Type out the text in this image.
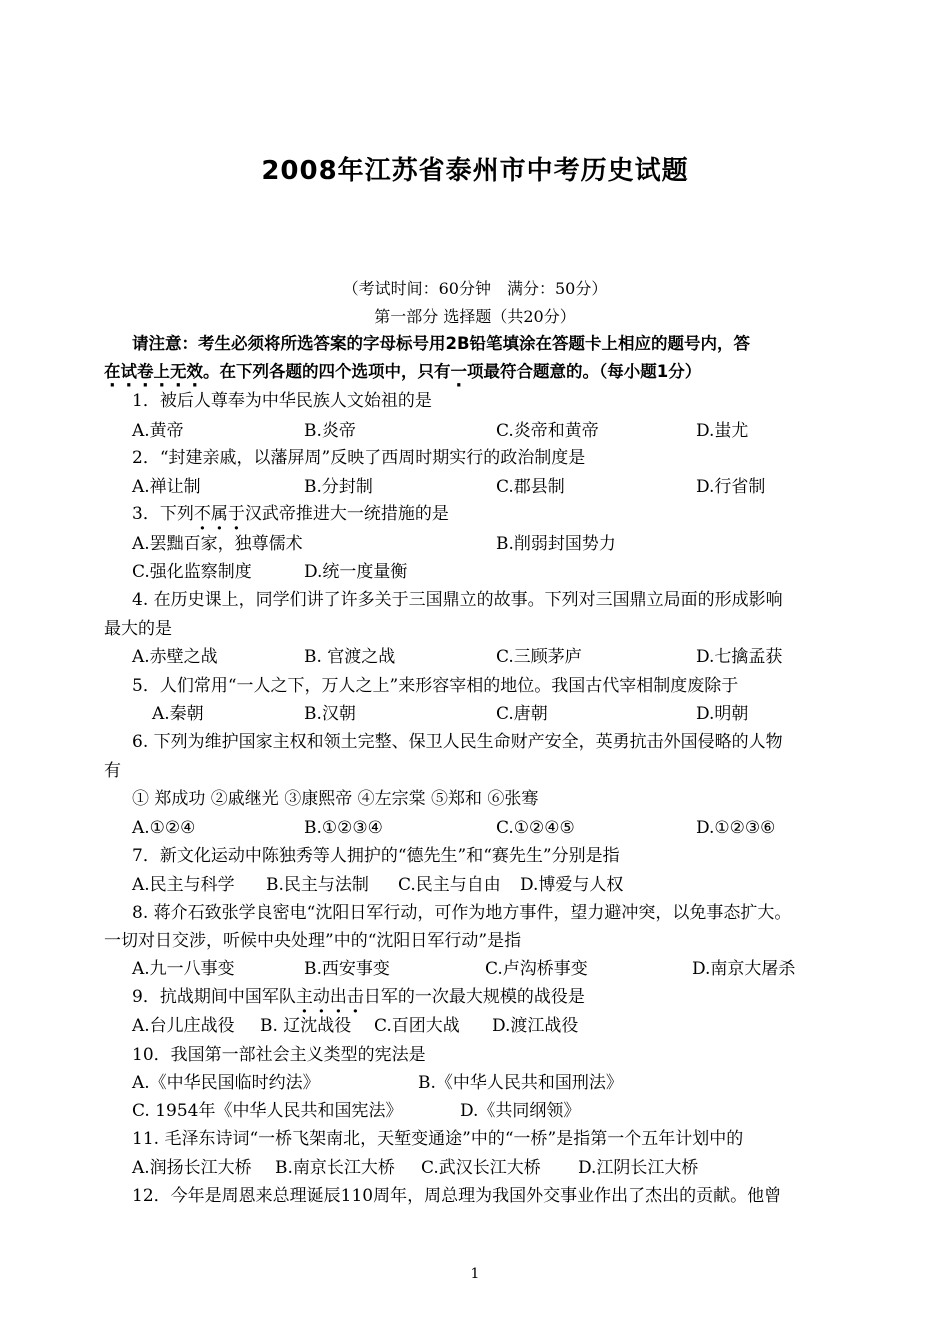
2008年江苏省泰州市中考历史试题
（考试时间：60分钟　满分：50分）
第一部分 选择题（共20分）
请注意：考生必须将所选答案的字母标号用2B铅笔填涂在答题卡上相应的题号内，答
在试卷上无效。在下列各题的四个选项中，只有一项最符合题意的。（每小题1分）
1．被后人尊奉为中华民族人文始祖的是
A.黄帝	B.炎帝	C.炎帝和黄帝	D.蚩尤
2．“封建亲戚，以藩屏周”反映了西周时期实行的政治制度是
A.禅让制	B.分封制	C.郡县制	D.行省制
3．下列不属于汉武帝推进大一统措施的是
A.罢黜百家，独尊儒术	B.削弱封国势力
C.强化监察制度	D.统一度量衡
4. 在历史课上，同学们讲了许多关于三国鼎立的故事。下列对三国鼎立局面的形成影响
最大的是
A.赤壁之战	B. 官渡之战	C.三顾茅庐	D.七擒孟获
5．人们常用“一人之下，万人之上”来形容宰相的地位。我国古代宰相制度废除于
A.秦朝	B.汉朝	C.唐朝	D.明朝
6. 下列为维护国家主权和领土完整、保卫人民生命财产安全，英勇抗击外国侵略的人物
有
① 郑成功 ②戚继光 ③康熙帝 ④左宗棠 ⑤郑和 ⑥张骞
A.①②④	B.①②③④	C.①②④⑤	D.①②③⑥
7．新文化运动中陈独秀等人拥护的“德先生”和“赛先生”分别是指
A.民主与科学 B.民主与法制 C.民主与自由 D.博爱与人权
8. 蒋介石致张学良密电“沈阳日军行动，可作为地方事件，望力避冲突，以免事态扩大。
一切对日交涉，听候中央处理”中的“沈阳日军行动”是指
A.九一八事变	B.西安事变	C.卢沟桥事变	D.南京大屠杀
9．抗战期间中国军队主动出击日军的一次最大规模的战役是
A.台儿庄战役 B. 辽沈战役 C.百团大战 D.渡江战役
10．我国第一部社会主义类型的宪法是
A.《中华民国临时约法》	B.《中华人民共和国刑法》
C. 1954年《中华人民共和国宪法》	D.《共同纲领》
11. 毛泽东诗词“一桥飞架南北，天堑变通途”中的“一桥”是指第一个五年计划中的
A.润扬长江大桥 B.南京长江大桥 C.武汉长江大桥 D.江阴长江大桥
12．今年是周恩来总理诞辰110周年，周总理为我国外交事业作出了杰出的贡献。他曾
1
